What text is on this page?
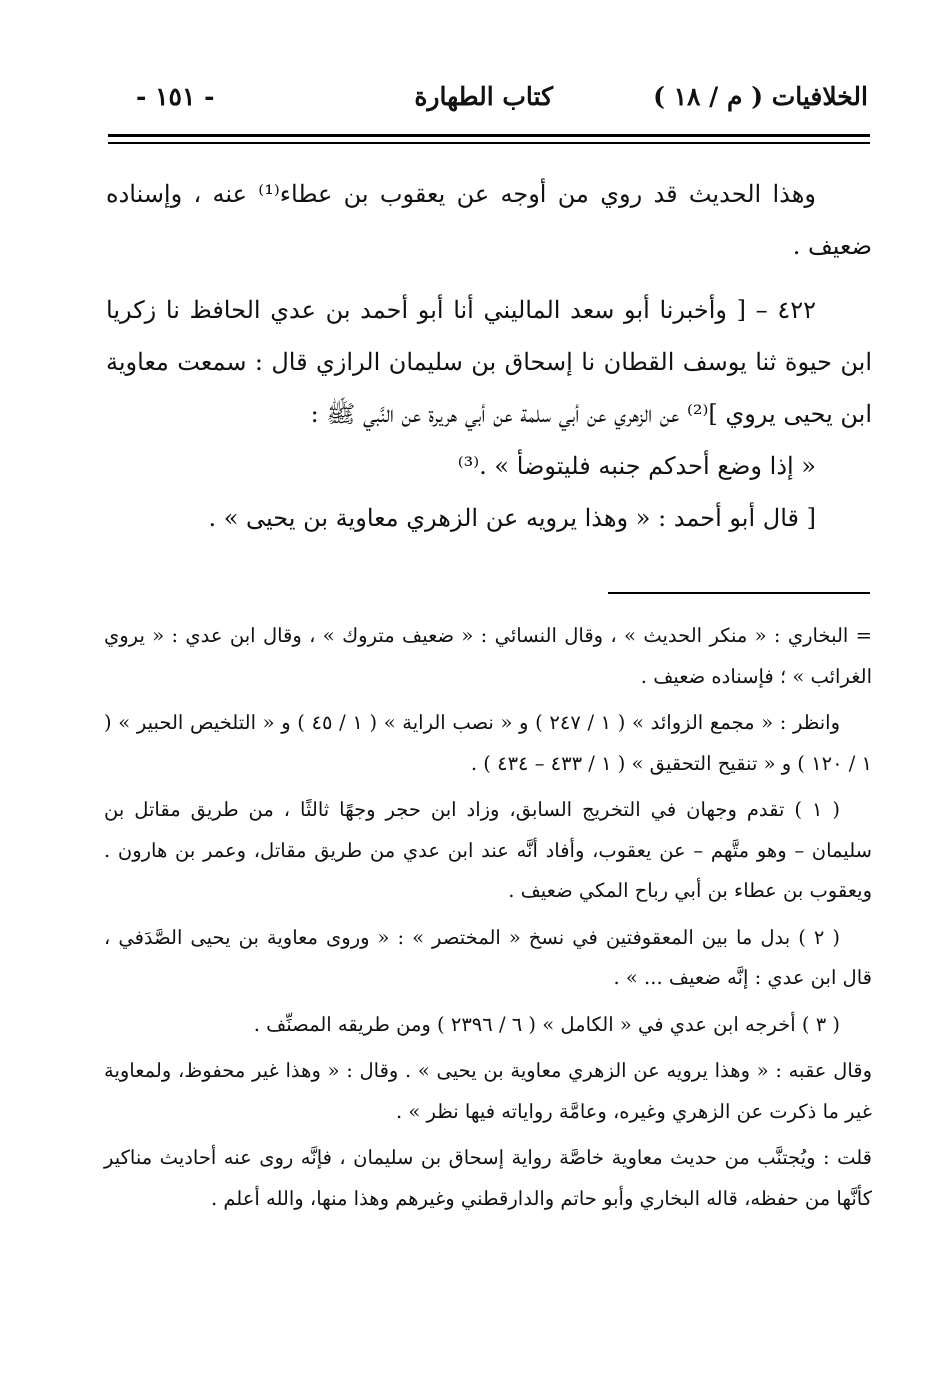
الخلافيات ( م / ١٨ )
كتاب الطهارة
- ١٥١ -

وهذا الحديث قد روي من أوجه عن يعقوب بن عطاء⁽¹⁾ عنه ، وإسناده ضعيف .

٤٢٢ – [ وأخبرنا أبو سعد الماليني أنا أبو أحمد بن عدي الحافظ نا زكريا ابن حيوة ثنا يوسف القطان نا إسحاق بن سليمان الرازي قال : سمعت معاوية ابن يحيى يروي ]⁽²⁾ عن الزهري عن أبي سلمة عن أبي هريرة عن النَّبي ﷺ :

« إذا وضع أحدكم جنبه فليتوضأ » .⁽³⁾

[ قال أبو أحمد : « وهذا يرويه عن الزهري معاوية بن يحيى » .

= البخاري : « منكر الحديث » ، وقال النسائي : « ضعيف متروك » ، وقال ابن عدي : « يروي الغرائب » ؛ فإسناده ضعيف .

وانظر : « مجمع الزوائد » ( ١ / ٢٤٧ ) و « نصب الراية » ( ١ / ٤٥ ) و « التلخيص الحبير » ( ١ / ١٢٠ ) و « تنقيح التحقيق » ( ١ / ٤٣٣ – ٤٣٤ ) .

( ١ ) تقدم وجهان في التخريج السابق، وزاد ابن حجر وجهًا ثالثًا ، من طريق مقاتل بن سليمان – وهو متَّهم – عن يعقوب، وأفاد أنَّه عند ابن عدي من طريق مقاتل، وعمر بن هارون . ويعقوب بن عطاء بن أبي رباح المكي ضعيف .

( ٢ ) بدل ما بين المعقوفتين في نسخ « المختصر » : « وروى معاوية بن يحيى الصَّدَفي ، قال ابن عدي : إنَّه ضعيف ... » .

( ٣ ) أخرجه ابن عدي في « الكامل » ( ٦ / ٢٣٩٦ ) ومن طريقه المصنِّف .

وقال عقبه : « وهذا يرويه عن الزهري معاوية بن يحيى » . وقال : « وهذا غير محفوظ، ولمعاوية غير ما ذكرت عن الزهري وغيره، وعامَّة رواياته فيها نظر » .

قلت : ويُجتنَّب من حديث معاوية خاصَّة رواية إسحاق بن سليمان ، فإنَّه روى عنه أحاديث مناكير كأنَّها من حفظه، قاله البخاري وأبو حاتم والدارقطني وغيرهم وهذا منها، والله أعلم .
